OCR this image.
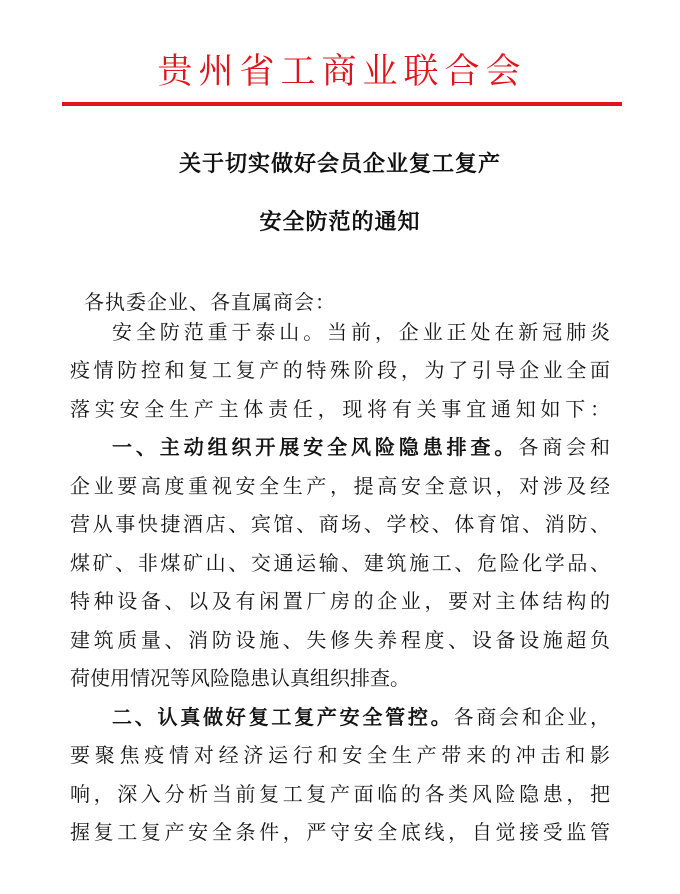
贵州省工商业联合会
关于切实做好会员企业复工复产
安全防范的通知
各执委企业、各直属商会：
安全防范重于泰山。当前，企业正处在新冠肺炎
疫情防控和复工复产的特殊阶段，为了引导企业全面
落实安全生产主体责任，现将有关事宜通知如下：
一、主动组织开展安全风险隐患排查。各商会和
企业要高度重视安全生产，提高安全意识，对涉及经
营从事快捷酒店、宾馆、商场、学校、体育馆、消防、
煤矿、非煤矿山、交通运输、建筑施工、危险化学品、
特种设备、以及有闲置厂房的企业，要对主体结构的
建筑质量、消防设施、失修失养程度、设备设施超负
荷使用情况等风险隐患认真组织排查。
二、认真做好复工复产安全管控。各商会和企业，
要聚焦疫情对经济运行和安全生产带来的冲击和影
响，深入分析当前复工复产面临的各类风险隐患，把
握复工复产安全条件，严守安全底线，自觉接受监管
